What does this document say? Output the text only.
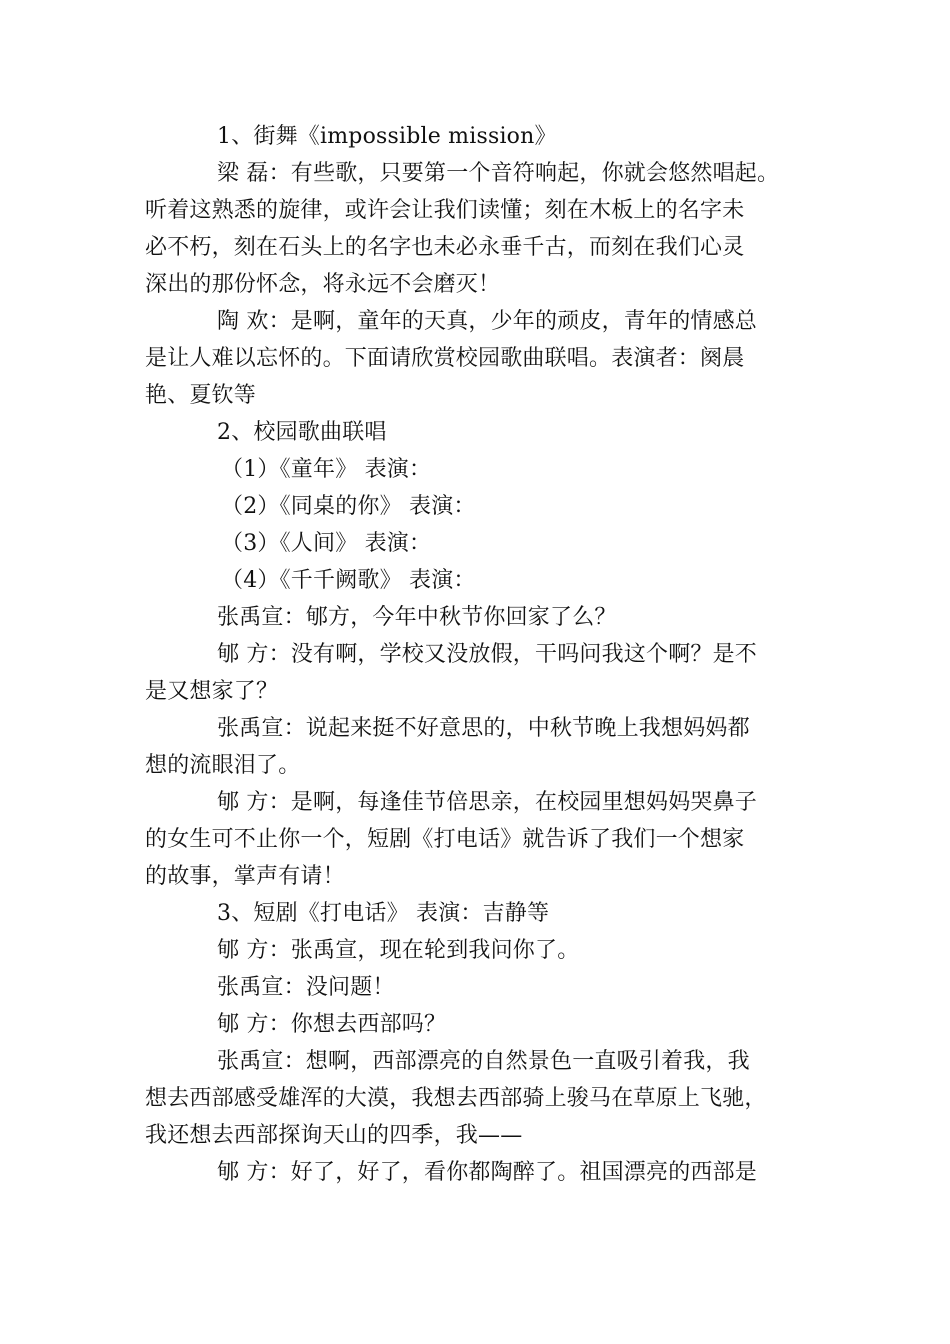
1、街舞《impossible mission》
梁 磊：有些歌，只要第一个音符响起，你就会悠然唱起。
听着这熟悉的旋律，或许会让我们读懂；刻在木板上的名字未
必不朽，刻在石头上的名字也未必永垂千古，而刻在我们心灵
深出的那份怀念，将永远不会磨灭！
陶 欢：是啊，童年的天真，少年的顽皮，青年的情感总
是让人难以忘怀的。下面请欣赏校园歌曲联唱。表演者：阕晨
艳、夏钦等
2、校园歌曲联唱
（1）《童年》 表演：
（2）《同桌的你》 表演：
（3）《人间》 表演：
（4）《千千阙歌》 表演：
张禹宣：郇方，今年中秋节你回家了么？
郇 方：没有啊，学校又没放假，干吗问我这个啊？是不
是又想家了？
张禹宣：说起来挺不好意思的，中秋节晚上我想妈妈都
想的流眼泪了。
郇 方：是啊，每逢佳节倍思亲，在校园里想妈妈哭鼻子
的女生可不止你一个，短剧《打电话》就告诉了我们一个想家
的故事，掌声有请！
3、短剧《打电话》 表演：吉静等
郇 方：张禹宣，现在轮到我问你了。
张禹宣：没问题！
郇 方：你想去西部吗？
张禹宣：想啊，西部漂亮的自然景色一直吸引着我，我
想去西部感受雄浑的大漠，我想去西部骑上骏马在草原上飞驰，
我还想去西部探询天山的四季，我——
郇 方：好了，好了，看你都陶醉了。祖国漂亮的西部是
